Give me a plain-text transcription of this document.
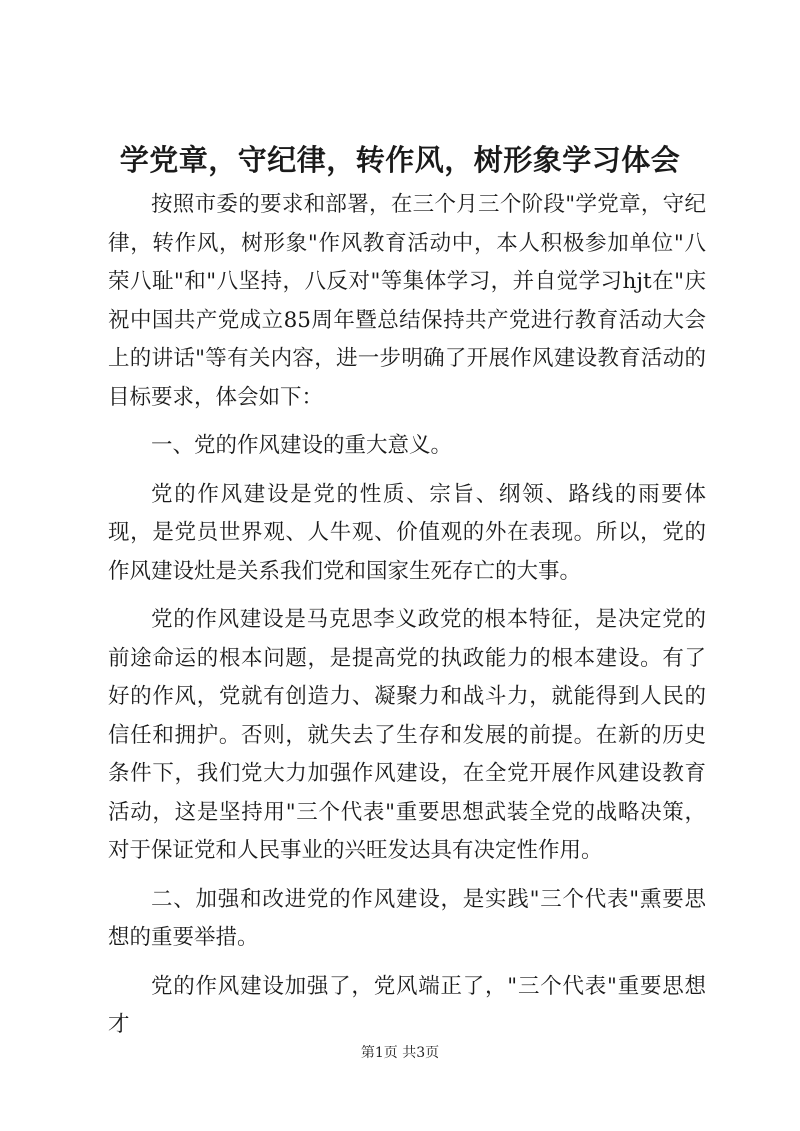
学党章，守纪律，转作风，树形象学习体会

按照市委的要求和部署，在三个月三个阶段"学党章，守纪律，转作风，树形象"作风教育活动中，本人积极参加单位"八荣八耻"和"八坚持，八反对"等集体学习，并自觉学习hjt在"庆祝中国共产党成立85周年暨总结保持共产党进行教育活动大会上的讲话"等有关内容，进一步明确了开展作风建设教育活动的目标要求，体会如下：

一、党的作风建设的重大意义。

党的作风建设是党的性质、宗旨、纲领、路线的雨要体现，是党员世界观、人牛观、价值观的外在表现。所以，党的作风建设灶是关系我们党和国家生死存亡的大事。

党的作风建设是马克思李义政党的根本特征，是决定党的前途命运的根本问题，是提高党的执政能力的根本建设。有了好的作风，党就有创造力、凝聚力和战斗力，就能得到人民的信任和拥护。否则，就失去了生存和发展的前提。在新的历史条件下，我们党大力加强作风建设，在全党开展作风建设教育活动，这是坚持用"三个代表"重要思想武装全党的战略决策，对于保证党和人民事业的兴旺发达具有决定性作用。

二、加强和改进党的作风建设，是实践"三个代表"熏要思想的重要举措。

党的作风建设加强了，党风端正了，"三个代表"重要思想才

第1页 共3页
